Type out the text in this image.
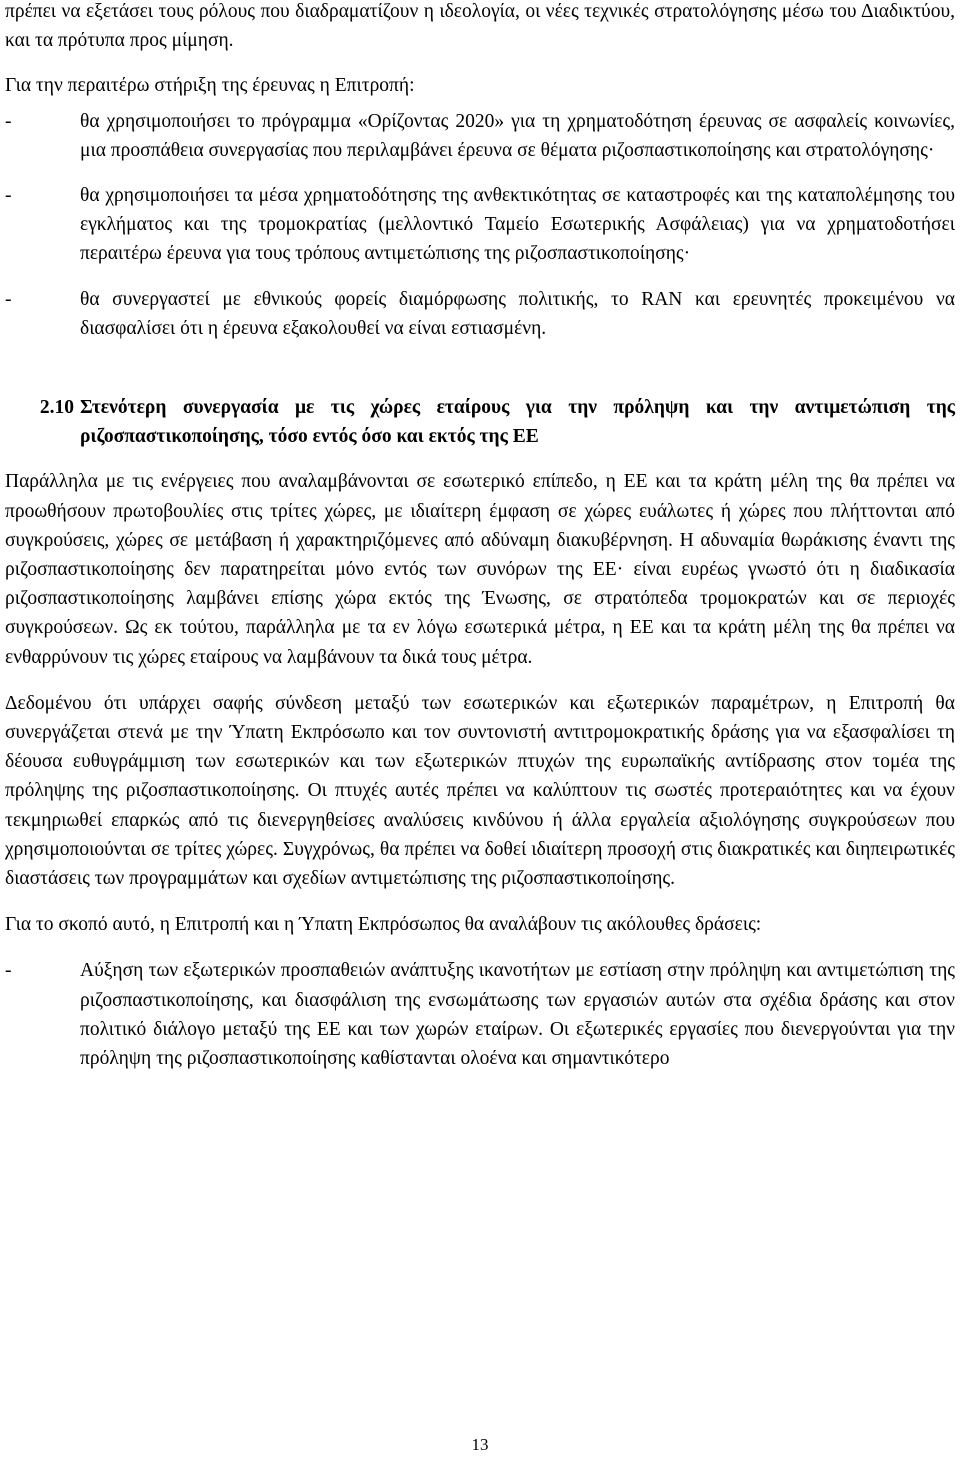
πρέπει να εξετάσει τους ρόλους που διαδραματίζουν η ιδεολογία, οι νέες τεχνικές στρατολόγησης μέσω του Διαδικτύου, και τα πρότυπα προς μίμηση.

Για την περαιτέρω στήριξη της έρευνας η Επιτροπή:

-	θα χρησιμοποιήσει το πρόγραμμα «Ορίζοντας 2020» για τη χρηματοδότηση έρευνας σε ασφαλείς κοινωνίες, μια προσπάθεια συνεργασίας που περιλαμβάνει έρευνα σε θέματα ριζοσπαστικοποίησης και στρατολόγησης·
-	θα χρησιμοποιήσει τα μέσα χρηματοδότησης της ανθεκτικότητας σε καταστροφές και της καταπολέμησης του εγκλήματος και της τρομοκρατίας (μελλοντικό Ταμείο Εσωτερικής Ασφάλειας) για να χρηματοδοτήσει περαιτέρω έρευνα για τους τρόπους αντιμετώπισης της ριζοσπαστικοποίησης·
-	θα συνεργαστεί με εθνικούς φορείς διαμόρφωσης πολιτικής, το RAN και ερευνητές προκειμένου να διασφαλίσει ότι η έρευνα εξακολουθεί να είναι εστιασμένη.

2.10 Στενότερη συνεργασία με τις χώρες εταίρους για την πρόληψη και την αντιμετώπιση της ριζοσπαστικοποίησης, τόσο εντός όσο και εκτός της ΕΕ

Παράλληλα με τις ενέργειες που αναλαμβάνονται σε εσωτερικό επίπεδο, η ΕΕ και τα κράτη μέλη της θα πρέπει να προωθήσουν πρωτοβουλίες στις τρίτες χώρες, με ιδιαίτερη έμφαση σε χώρες ευάλωτες ή χώρες που πλήττονται από συγκρούσεις, χώρες σε μετάβαση ή χαρακτηριζόμενες από αδύναμη διακυβέρνηση. Η αδυναμία θωράκισης έναντι της ριζοσπαστικοποίησης δεν παρατηρείται μόνο εντός των συνόρων της ΕΕ· είναι ευρέως γνωστό ότι η διαδικασία ριζοσπαστικοποίησης λαμβάνει επίσης χώρα εκτός της Ένωσης, σε στρατόπεδα τρομοκρατών και σε περιοχές συγκρούσεων. Ως εκ τούτου, παράλληλα με τα εν λόγω εσωτερικά μέτρα, η ΕΕ και τα κράτη μέλη της θα πρέπει να ενθαρρύνουν τις χώρες εταίρους να λαμβάνουν τα δικά τους μέτρα.

Δεδομένου ότι υπάρχει σαφής σύνδεση μεταξύ των εσωτερικών και εξωτερικών παραμέτρων, η Επιτροπή θα συνεργάζεται στενά με την Ύπατη Εκπρόσωπο και τον συντονιστή αντιτρομοκρατικής δράσης για να εξασφαλίσει τη δέουσα ευθυγράμμιση των εσωτερικών και των εξωτερικών πτυχών της ευρωπαϊκής αντίδρασης στον τομέα της πρόληψης της ριζοσπαστικοποίησης. Οι πτυχές αυτές πρέπει να καλύπτουν τις σωστές προτεραιότητες και να έχουν τεκμηριωθεί επαρκώς από τις διενεργηθείσες αναλύσεις κινδύνου ή άλλα εργαλεία αξιολόγησης συγκρούσεων που χρησιμοποιούνται σε τρίτες χώρες. Συγχρόνως, θα πρέπει να δοθεί ιδιαίτερη προσοχή στις διακρατικές και διηπειρωτικές διαστάσεις των προγραμμάτων και σχεδίων αντιμετώπισης της ριζοσπαστικοποίησης.

Για το σκοπό αυτό, η Επιτροπή και η Ύπατη Εκπρόσωπος θα αναλάβουν τις ακόλουθες δράσεις:

-	Αύξηση των εξωτερικών προσπαθειών ανάπτυξης ικανοτήτων με εστίαση στην πρόληψη και αντιμετώπιση της ριζοσπαστικοποίησης, και διασφάλιση της ενσωμάτωσης των εργασιών αυτών στα σχέδια δράσης και στον πολιτικό διάλογο μεταξύ της ΕΕ και των χωρών εταίρων. Οι εξωτερικές εργασίες που διενεργούνται για την πρόληψη της ριζοσπαστικοποίησης καθίστανται ολοένα και σημαντικότερο
13
